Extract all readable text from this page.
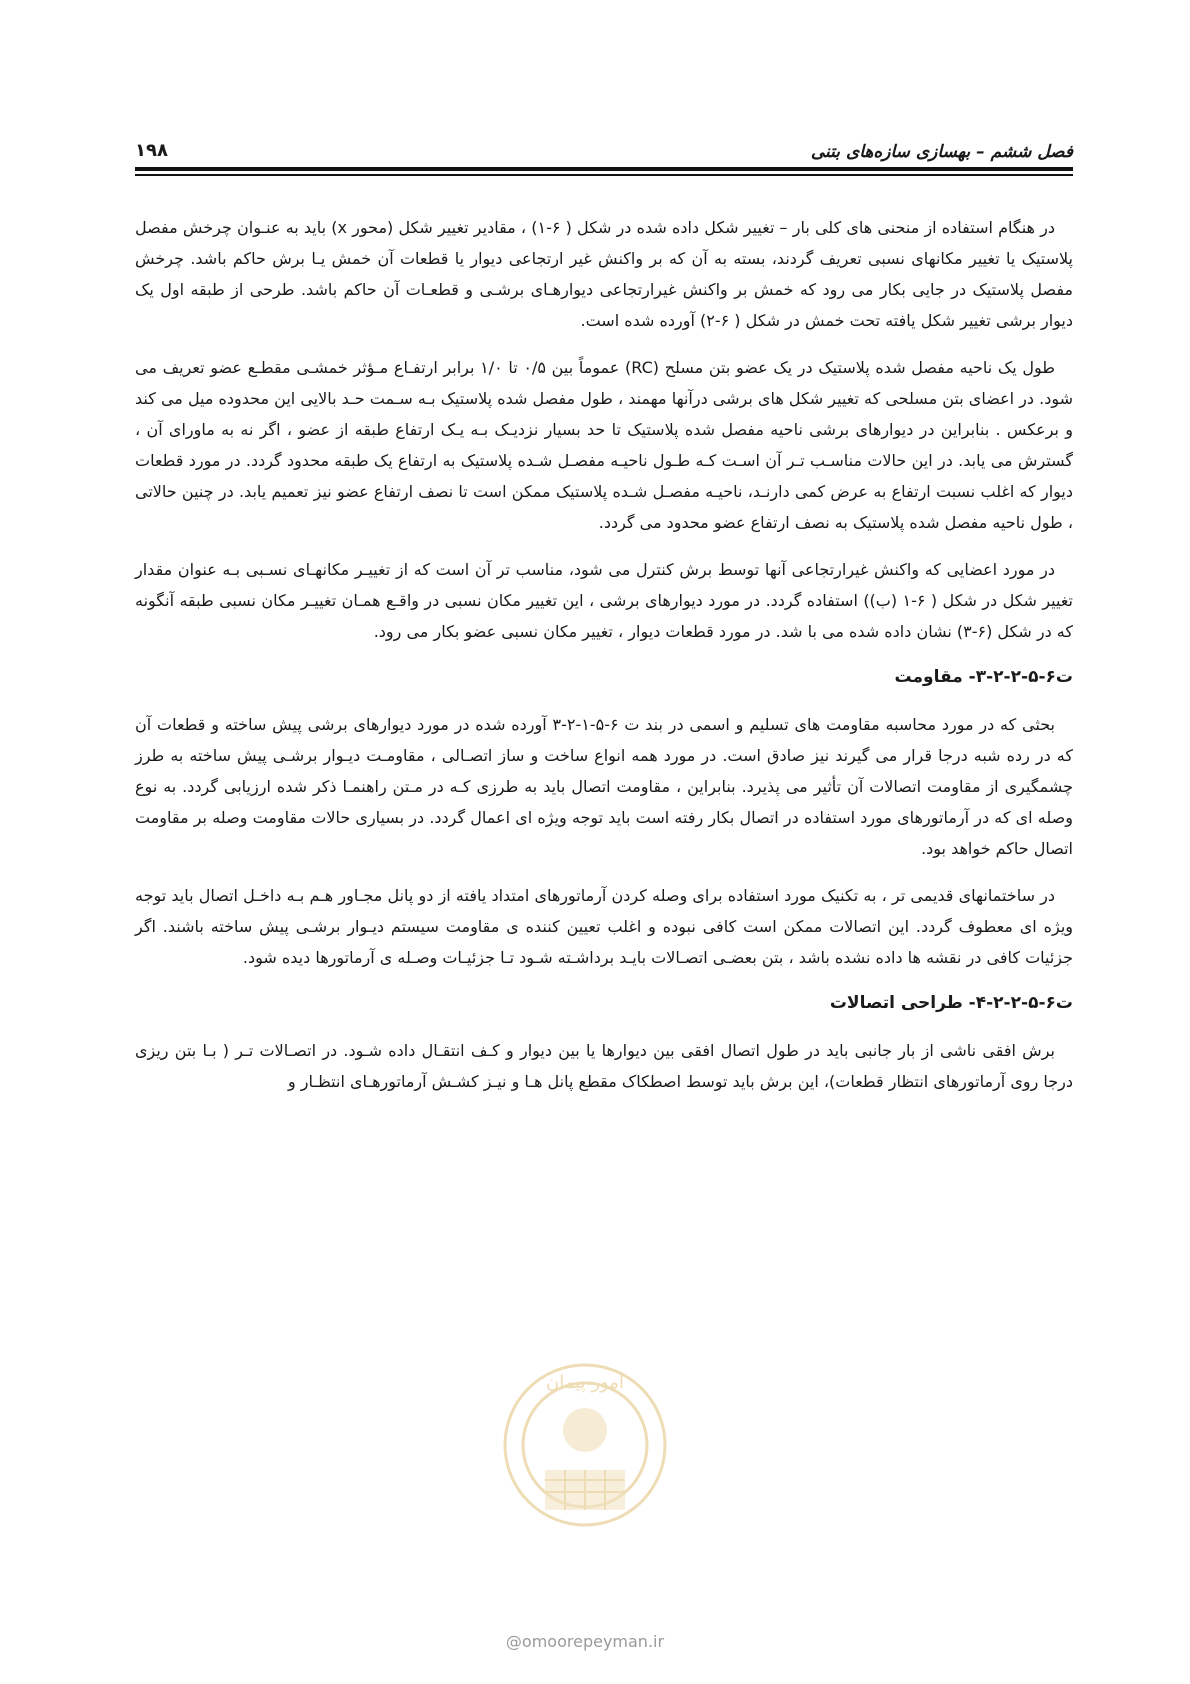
فصل ششم – بهسازی سازه‌های بتنی
۱۹۸

در هنگام استفاده از منحنی های کلی بار – تغییر شکل داده شده در شکل ( ۶-۱) ، مقادیر تغییر شکل (محور x) باید به عنـوان چرخش مفصل پلاستیک یا تغییر مکانهای نسبی تعریف گردند، بسته به آن که بر واکنش غیر ارتجاعی دیوار یا قطعات آن خمش یـا برش حاکم باشد. چرخش مفصل پلاستیک در جایی بکار می رود که خمش بر واکنش غیرارتجاعی دیوارهـای برشـی و قطعـات آن حاکم باشد. طرحی از طبقه اول یک دیوار برشی تغییر شکل یافته تحت خمش در شکل ( ۶-۲) آورده شده است.

طول یک ناحیه مفصل شده پلاستیک در یک عضو بتن مسلح (RC) عموماً بین ۰/۵ تا ۱/۰ برابر ارتفـاع مـؤثر خمشـی مقطـع عضو تعریف می شود. در اعضای بتن مسلحی که تغییر شکل های برشی درآنها مهمند ، طول مفصل شده پلاستیک بـه سـمت حـد بالایی این محدوده میل می کند و برعکس . بنابراین در دیوارهای برشی ناحیه مفصل شده پلاستیک تا حد بسیار نزدیـک بـه یـک ارتفاع طبقه از عضو ، اگر نه به ماورای آن ، گسترش می یابد. در این حالات مناسـب تـر آن اسـت کـه طـول ناحیـه مفصـل شـده پلاستیک به ارتفاع یک طبقه محدود گردد. در مورد قطعات دیوار که اغلب نسبت ارتفاع به عرض کمی دارنـد، ناحیـه مفصـل شـده پلاستیک ممکن است تا نصف ارتفاع عضو نیز تعمیم یابد. در چنین حالاتی ، طول ناحیه مفصل شده پلاستیک به نصف ارتفاع عضو محدود می گردد.

در مورد اعضایی که واکنش غیرارتجاعی آنها توسط برش کنترل می شود، مناسب تر آن است که از تغییـر مکانهـای نسـبی بـه عنوان مقدار تغییر شکل در شکل ( ۶-۱ (ب)) استفاده گردد. در مورد دیوارهای برشی ، این تغییر مکان نسبی در واقـع همـان تغییـر مکان نسبی طبقه آنگونه که در شکل (۶-۳) نشان داده شده می با شد. در مورد قطعات دیوار ، تغییر مکان نسبی عضو بکار می رود.

ت۶-۵-۲-۲-۳- مقاومت

بحثی که در مورد محاسبه مقاومت های تسلیم و اسمی در بند ت ۶-۵-۱-۲-۳ آورده شده در مورد دیوارهای برشی پیش ساخته و قطعات آن که در رده شبه درجا قرار می گیرند نیز صادق است. در مورد همه انواع ساخت و ساز اتصـالی ، مقاومـت دیـوار برشـی پیش ساخته به طرز چشمگیری از مقاومت اتصالات آن تأثیر می پذیرد. بنابراین ، مقاومت اتصال باید به طرزی کـه در مـتن راهنمـا ذکر شده ارزیابی گردد. به نوع وصله ای که در آرماتورهای مورد استفاده در اتصال بکار رفته است باید توجه ویژه ای اعمال گردد. در بسیاری حالات مقاومت وصله بر مقاومت اتصال حاکم خواهد بود.

در ساختمانهای قدیمی تر ، به تکنیک مورد استفاده برای وصله کردن آرماتورهای امتداد یافته از دو پانل مجـاور هـم بـه داخـل اتصال باید توجه ویژه ای معطوف گردد. این اتصالات ممکن است کافی نبوده و اغلب تعیین کننده ی مقاومت سیستم دیـوار برشـی پیش ساخته باشند. اگر جزئیات کافی در نقشه ها داده نشده باشد ، بتن بعضـی اتصـالات بایـد برداشـته شـود تـا جزئیـات وصـله ی آرماتورها دیده شود.

ت۶-۵-۲-۲-۴- طراحی اتصالات

برش افقی ناشی از بار جانبی باید در طول اتصال افقی بین دیوارها یا بین دیوار و کـف انتقـال داده شـود. در اتصـالات تـر ( بـا بتن ریزی درجا روی آرماتورهای انتظار قطعات)، این برش باید توسط اصطکاک مقطع پانل هـا و نیـز کشـش آرماتورهـای انتظـار و

امور پیمان
@omoorepeyman.ir
